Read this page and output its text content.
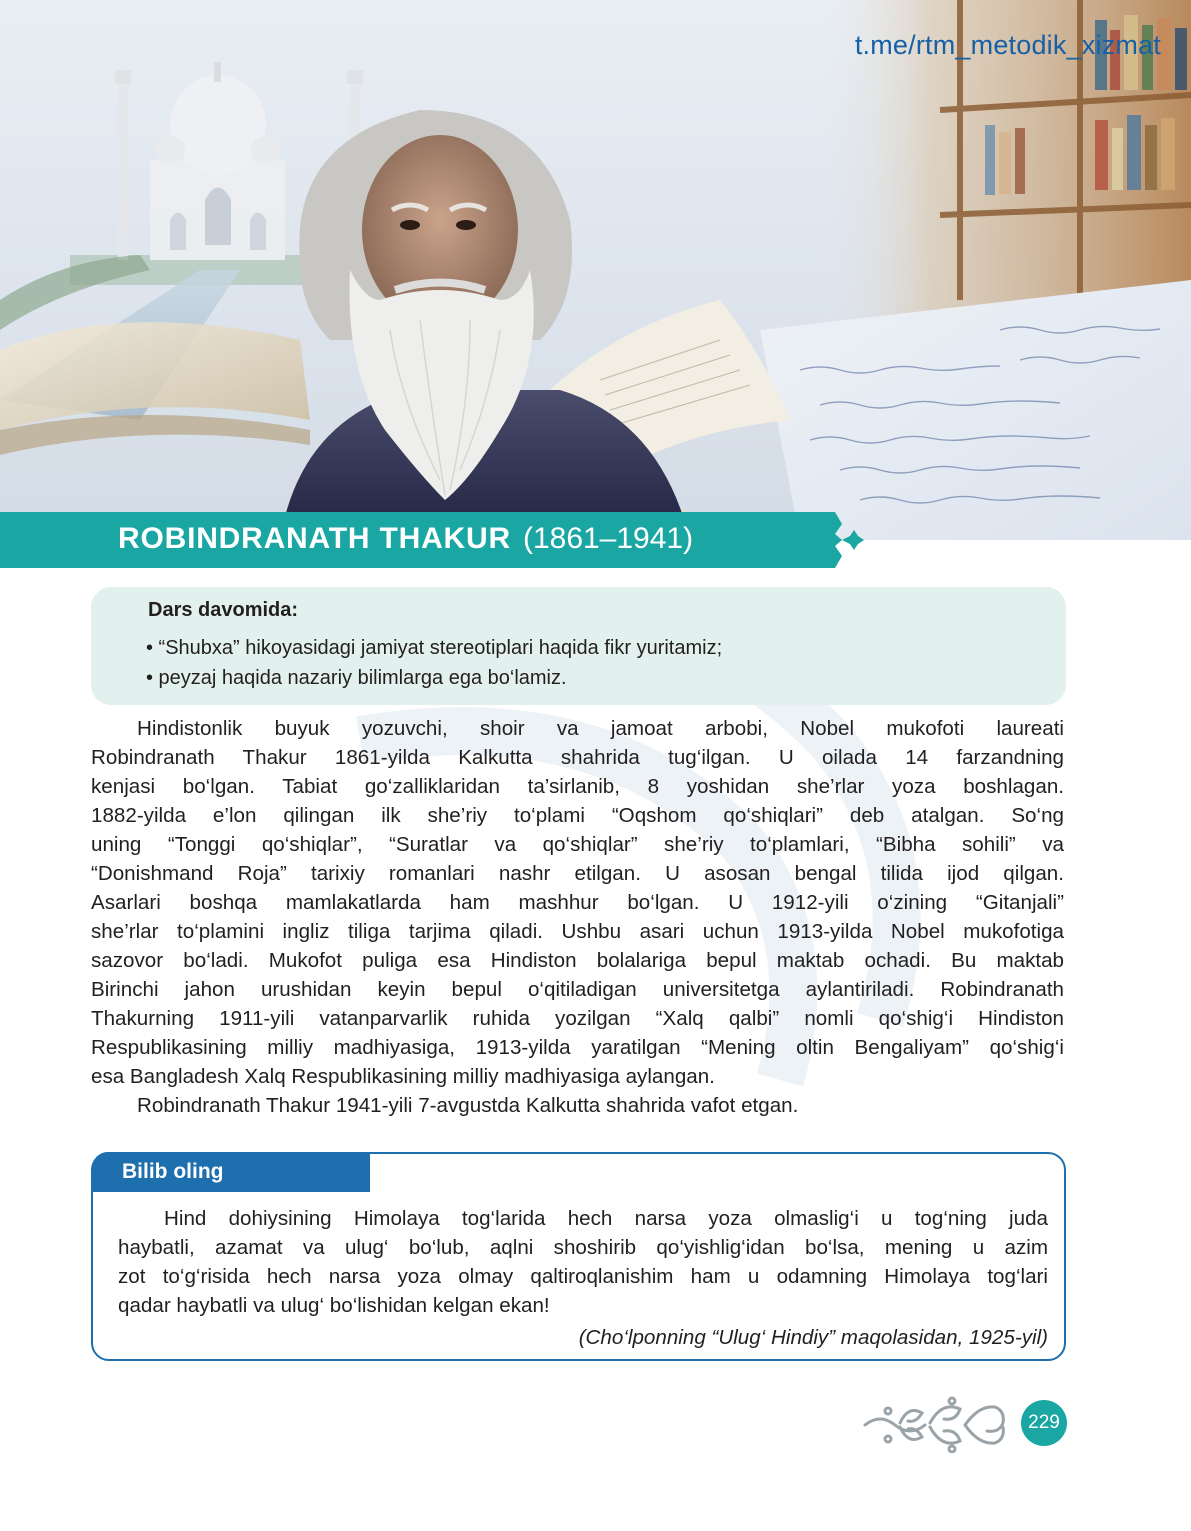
t.me/rtm_metodik_xizmat
ROBINDRANATH THAKUR (1861–1941)
Dars davomida:
• “Shubxa” hikoyasidagi jamiyat stereotiplari haqida fikr yuritamiz;
• peyzaj haqida nazariy bilimlarga ega bo‘lamiz.
Hindistonlik buyuk yozuvchi, shoir va jamoat arbobi, Nobel mukofoti laureati
Robindranath Thakur 1861-yilda Kalkutta shahrida tug‘ilgan. U oilada 14 farzandning
kenjasi bo‘lgan. Tabiat go‘zalliklaridan ta’sirlanib, 8 yoshidan she’rlar yoza boshlagan.
1882-yilda e’lon qilingan ilk she’riy to‘plami “Oqshom qo‘shiqlari” deb atalgan. So‘ng
uning “Tonggi qo‘shiqlar”, “Suratlar va qo‘shiqlar” she’riy to‘plamlari, “Bibha sohili” va
“Donishmand Roja” tarixiy romanlari nashr etilgan. U asosan bengal tilida ijod qilgan.
Asarlari boshqa mamlakatlarda ham mashhur bo‘lgan. U 1912-yili o‘zining “Gitanjali”
she’rlar to‘plamini ingliz tiliga tarjima qiladi. Ushbu asari uchun 1913-yilda Nobel mukofotiga
sazovor bo‘ladi. Mukofot puliga esa Hindiston bolalariga bepul maktab ochadi. Bu maktab
Birinchi jahon urushidan keyin bepul o‘qitiladigan universitetga aylantiriladi. Robindranath
Thakurning 1911-yili vatanparvarlik ruhida yozilgan “Xalq qalbi” nomli qo‘shig‘i Hindiston
Respublikasining milliy madhiyasiga, 1913-yilda yaratilgan “Mening oltin Bengaliyam” qo‘shig‘i
esa Bangladesh Xalq Respublikasining milliy madhiyasiga aylangan.
Robindranath Thakur 1941-yili 7-avgustda Kalkutta shahrida vafot etgan.
Bilib oling
Hind dohiysining Himolaya tog‘larida hech narsa yoza olmaslig‘i u tog‘ning juda
haybatli, azamat va ulug‘ bo‘lub, aqlni shoshirib qo‘yishlig‘idan bo‘lsa, mening u azim
zot to‘g‘risida hech narsa yoza olmay qaltiroqlanishim ham u odamning Himolaya tog‘lari
qadar haybatli va ulug‘ bo‘lishidan kelgan ekan!
(Cho‘lponning “Ulug‘ Hindiy” maqolasidan, 1925-yil)
229
